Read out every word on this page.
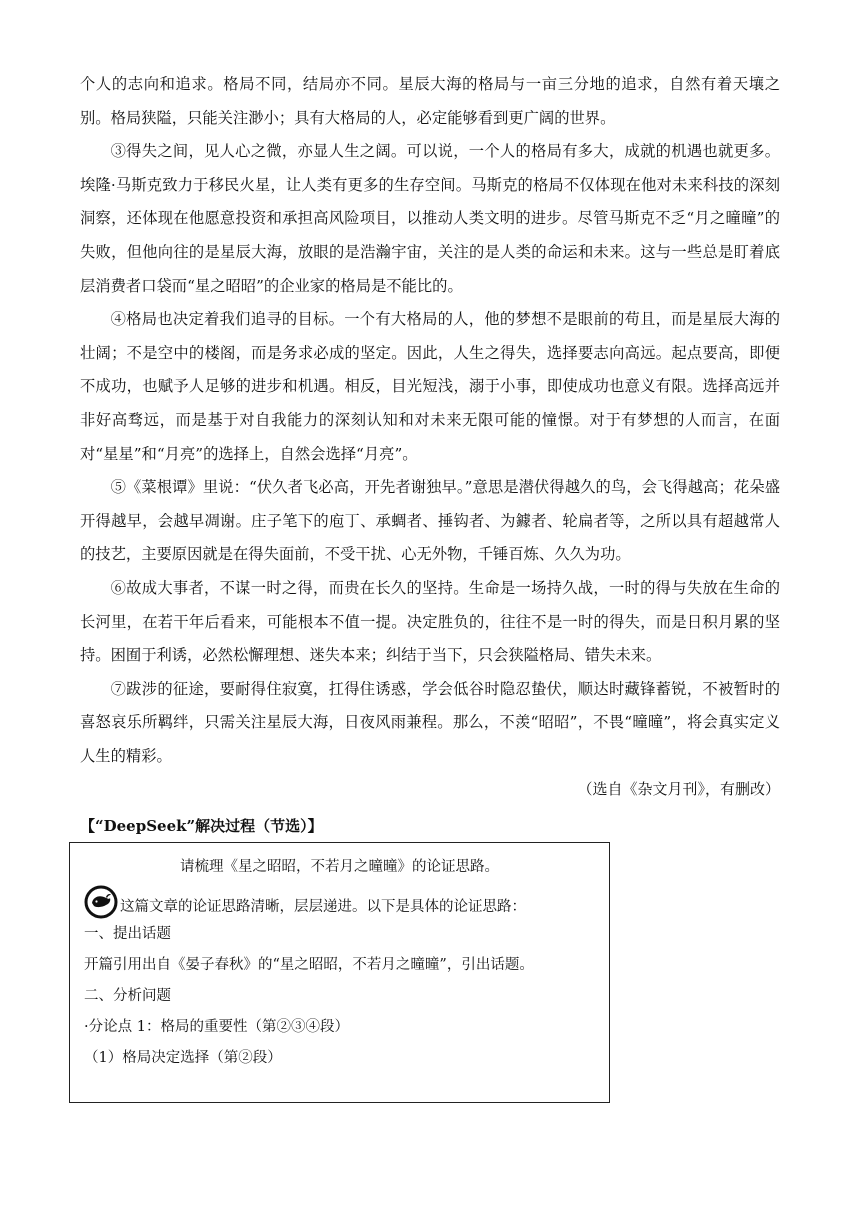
个人的志向和追求。格局不同，结局亦不同。星辰大海的格局与一亩三分地的追求，自然有着天壤之别。格局狭隘，只能关注渺小；具有大格局的人，必定能够看到更广阔的世界。

③得失之间，见人心之微，亦显人生之阔。可以说，一个人的格局有多大，成就的机遇也就更多。埃隆·马斯克致力于移民火星，让人类有更多的生存空间。马斯克的格局不仅体现在他对未来科技的深刻洞察，还体现在他愿意投资和承担高风险项目，以推动人类文明的进步。尽管马斯克不乏“月之曈曈”的失败，但他向往的是星辰大海，放眼的是浩瀚宇宙，关注的是人类的命运和未来。这与一些总是盯着底层消费者口袋而“星之昭昭”的企业家的格局是不能比的。

④格局也决定着我们追寻的目标。一个有大格局的人，他的梦想不是眼前的苟且，而是星辰大海的壮阔；不是空中的楼阁，而是务求必成的坚定。因此，人生之得失，选择要志向高远。起点要高，即便不成功，也赋予人足够的进步和机遇。相反，目光短浅，溺于小事，即使成功也意义有限。选择高远并非好高骛远，而是基于对自我能力的深刻认知和对未来无限可能的憧憬。对于有梦想的人而言，在面对“星星”和“月亮”的选择上，自然会选择“月亮”。

⑤《菜根谭》里说：“伏久者飞必高，开先者谢独早。”意思是潜伏得越久的鸟，会飞得越高；花朵盛开得越早，会越早凋谢。庄子笔下的庖丁、承蜩者、捶钩者、为鐻者、轮扁者等，之所以具有超越常人的技艺，主要原因就是在得失面前，不受干扰、心无外物，千锤百炼、久久为功。

⑥故成大事者，不谋一时之得，而贵在长久的坚持。生命是一场持久战，一时的得与失放在生命的长河里，在若干年后看来，可能根本不值一提。决定胜负的，往往不是一时的得失，而是日积月累的坚持。困囿于利诱，必然松懈理想、迷失本来；纠结于当下，只会狭隘格局、错失未来。

⑦跋涉的征途，要耐得住寂寞，扛得住诱惑，学会低谷时隐忍蛰伏，顺达时藏锋蓄锐，不被暂时的喜怒哀乐所羁绊，只需关注星辰大海，日夜风雨兼程。那么，不羡“昭昭”，不畏“曈曈”，将会真实定义人生的精彩。

（选自《杂文月刊》，有删改）

【“DeepSeek”解决过程（节选）】

请梳理《星之昭昭，不若月之曈曈》的论证思路。

这篇文章的论证思路清晰，层层递进。以下是具体的论证思路：

一、提出话题

开篇引用出自《晏子春秋》的“星之昭昭，不若月之曈曈”，引出话题。

二、分析问题

·分论点 1：格局的重要性（第②③④段）

（1）格局决定选择（第②段）
